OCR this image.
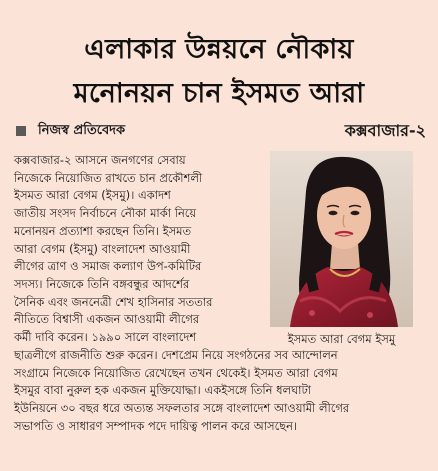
এলাকার উন্নয়নে নৌকায়
মনোনয়ন চান ইসমত আরা
নিজস্ব প্রতিবেদক	কক্সবাজার-২
ইসমত আরা বেগম ইসমু
কক্সবাজার-২ আসনে জনগণের সেবায়
নিজেকে নিয়োজিত রাখতে চান প্রকৌশলী
ইসমত আরা বেগম (ইসমু)। একাদশ
জাতীয় সংসদ নির্বাচনে নৌকা মার্কা নিয়ে
মনোনয়ন প্রত্যাশা করছেন তিনি। ইসমত
আরা বেগম (ইসমু) বাংলাদেশ আওয়ামী
লীগের ত্রাণ ও সমাজ কল্যাণ উপ-কমিটির
সদস্য। নিজেকে তিনি বঙ্গবন্ধুর আদর্শের
সৈনিক এবং জননেত্রী শেখ হাসিনার সততার
নীতিতে বিশ্বাসী একজন আওয়ামী লীগের
কর্মী দাবি করেন। ১৯৯০ সালে বাংলাদেশ
ছাত্রলীগে রাজনীতি শুরু করেন। দেশপ্রেম নিয়ে সংগঠনের সব আন্দোলন
সংগ্রামে নিজেকে নিয়োজিত রেখেছেন তখন থেকেই। ইসমত আরা বেগম
ইসমুর বাবা নুরুল হক একজন মুক্তিযোদ্ধা। একইসঙ্গে তিনি ধলঘাটা
ইউনিয়নে ৩০ বছর ধরে অত্যন্ত সফলতার সঙ্গে বাংলাদেশ আওয়ামী লীগের
সভাপতি ও সাধারণ সম্পাদক পদে দায়িত্ব পালন করে আসছেন।
